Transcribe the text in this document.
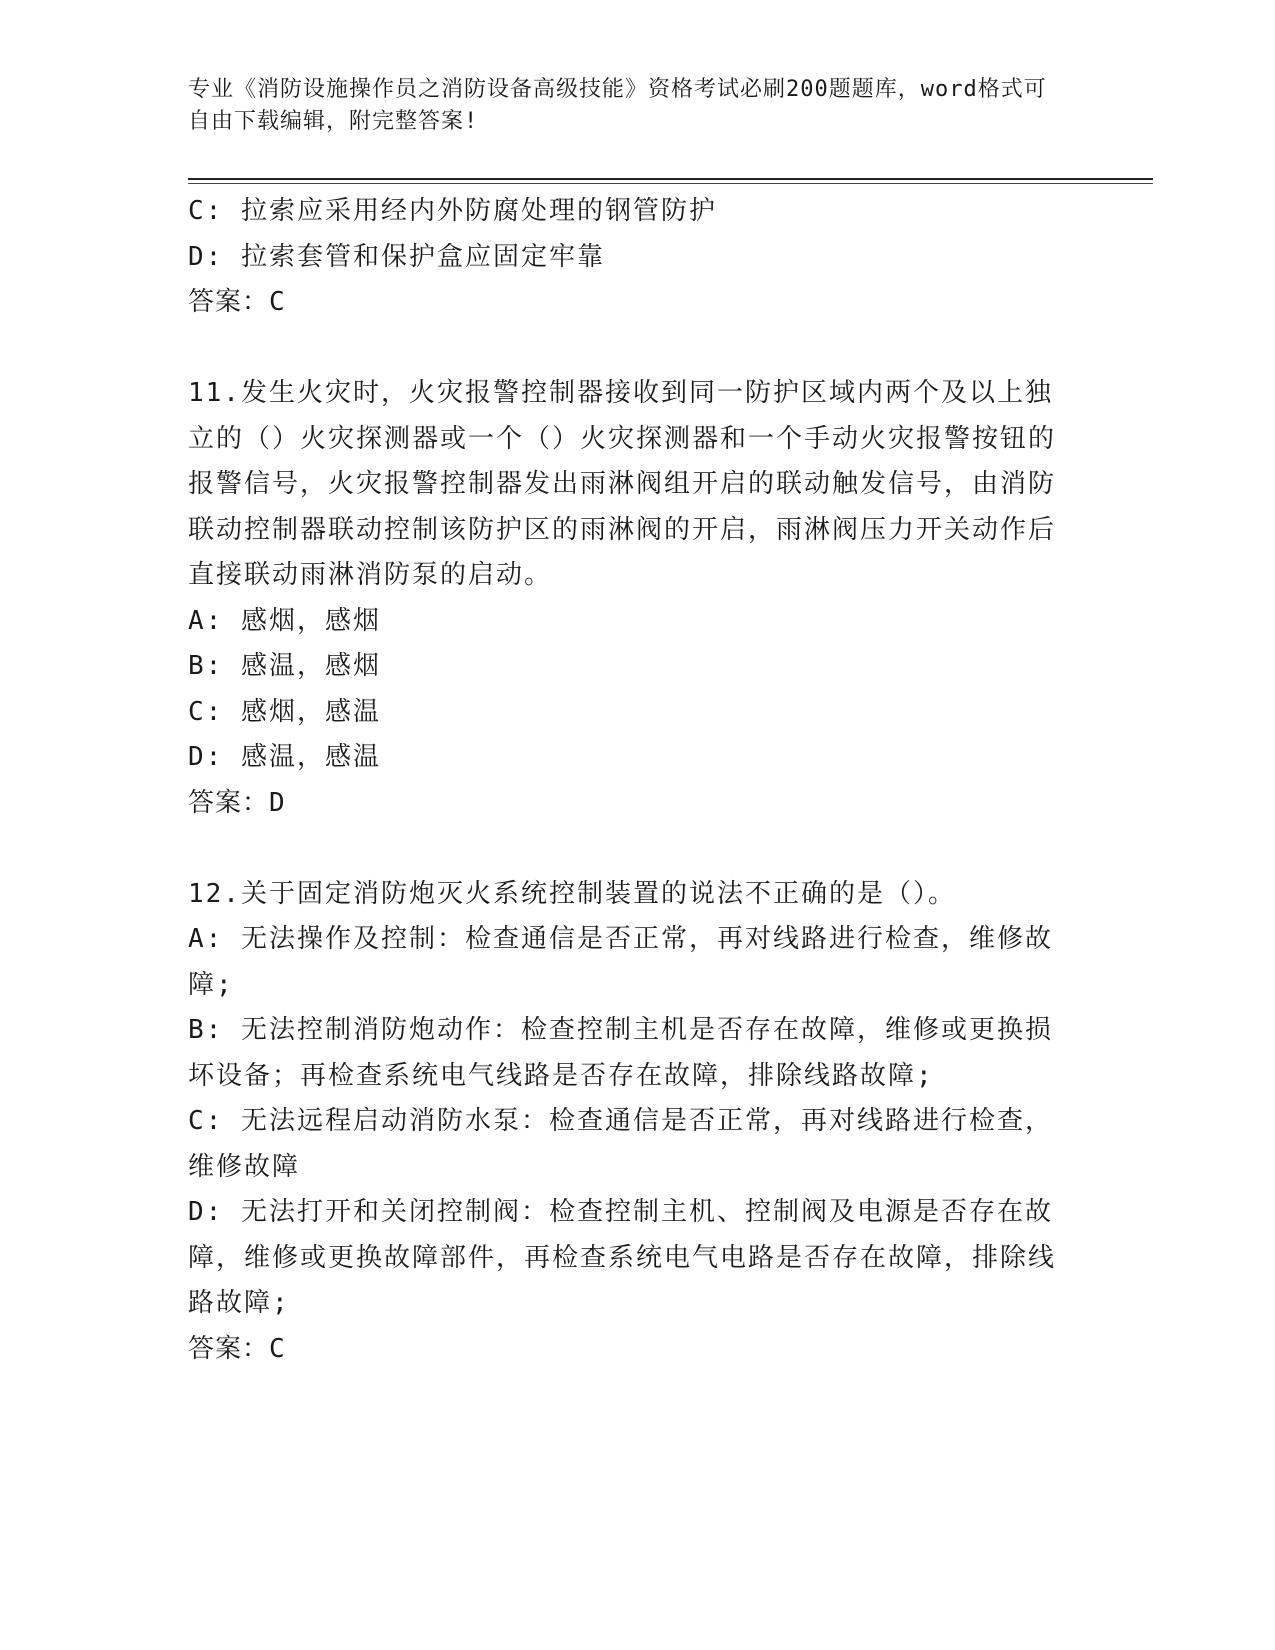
专业《消防设施操作员之消防设备高级技能》资格考试必刷200题题库，word格式可自由下载编辑，附完整答案!

C: 拉索应采用经内外防腐处理的钢管防护

D: 拉索套管和保护盒应固定牢靠

答案：C

11.发生火灾时，火灾报警控制器接收到同一防护区域内两个及以上独立的（）火灾探测器或一个（）火灾探测器和一个手动火灾报警按钮的报警信号，火灾报警控制器发出雨淋阀组开启的联动触发信号，由消防联动控制器联动控制该防护区的雨淋阀的开启，雨淋阀压力开关动作后直接联动雨淋消防泵的启动。

A: 感烟，感烟

B: 感温，感烟

C: 感烟，感温

D: 感温，感温

答案：D

12.关于固定消防炮灭火系统控制装置的说法不正确的是（）。

A: 无法操作及控制：检查通信是否正常，再对线路进行检查，维修故障;

B: 无法控制消防炮动作：检查控制主机是否存在故障，维修或更换损坏设备；再检查系统电气线路是否存在故障，排除线路故障;

C: 无法远程启动消防水泵：检查通信是否正常，再对线路进行检查，维修故障

D: 无法打开和关闭控制阀：检查控制主机、控制阀及电源是否存在故障，维修或更换故障部件，再检查系统电气电路是否存在故障，排除线路故障;

答案：C
